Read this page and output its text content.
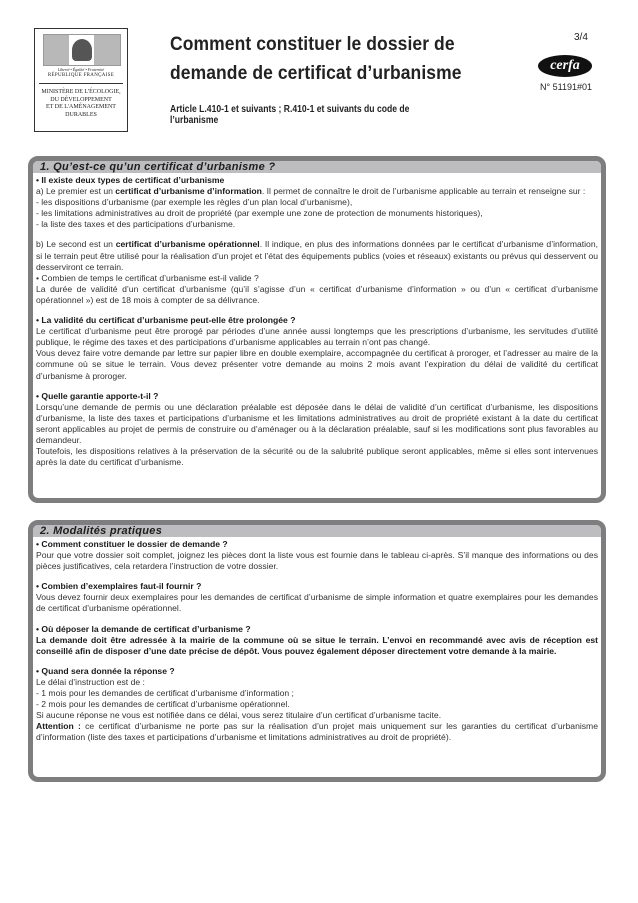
Liberté • Égalité • Fraternité
RÉPUBLIQUE FRANÇAISE
MINISTÈRE DE L'ÉCOLOGIE,
DU DÉVELOPPEMENT
ET DE L'AMÉNAGEMENT
DURABLES
Comment constituer le dossier de
demande de certificat d’urbanisme
Article L.410-1 et suivants ; R.410-1 et suivants du code de l’urbanisme
3/4
cerfa
N° 51191#01
1. Qu’est-ce qu’un certificat d’urbanisme ?

• Il existe deux types de certificat d’urbanisme

a) Le premier est un certificat d’urbanisme d’information. Il permet de connaître le droit de l’urbanisme applicable au terrain et renseigne sur :

- les dispositions d’urbanisme (par exemple les règles d’un plan local d’urbanisme),

- les limitations administratives au droit de propriété (par exemple une zone de protection de monuments historiques),

- la liste des taxes et des participations d’urbanisme.

b) Le second est un certificat d’urbanisme opérationnel. Il indique, en plus des informations données par le certificat d’urbanisme d’information, si le terrain peut être utilisé pour la réalisation d’un projet et l’état des équipements publics (voies et réseaux) existants ou prévus qui desservent ou desserviront ce terrain.

• Combien de temps le certificat d’urbanisme est-il valide ?

La durée de validité d’un certificat d’urbanisme (qu’il s’agisse d’un « certificat d’urbanisme d’information » ou d’un « certificat d’urbanisme opérationnel ») est de 18 mois à compter de sa délivrance.

• La validité du certificat d’urbanisme peut-elle être prolongée ?

Le certificat d’urbanisme peut être prorogé par périodes d’une année aussi longtemps que les prescriptions d’urbanisme, les servitudes d’utilité publique, le régime des taxes et des participations d’urbanisme applicables au terrain n’ont pas changé.

Vous devez faire votre demande par lettre sur papier libre en double exemplaire, accompagnée du certificat à proroger, et l’adresser au maire de la commune où se situe le terrain. Vous devez présenter votre demande au moins 2 mois avant l’expiration du délai de validité du certificat d’urbanisme à proroger.

• Quelle garantie apporte-t-il ?

Lorsqu’une demande de permis ou une déclaration préalable est déposée dans le délai de validité d’un certificat d’urbanisme, les dispositions d’urbanisme, la liste des taxes et participations d’urbanisme et les limitations administratives au droit de propriété existant à la date du certificat seront applicables au projet de permis de construire ou d’aménager ou à la déclaration préalable, sauf si les modifications sont plus favorables au demandeur.

Toutefois, les dispositions relatives à la préservation de la sécurité ou de la salubrité publique seront applicables, même si elles sont intervenues après la date du certificat d’urbanisme.

2. Modalités pratiques

• Comment constituer le dossier de demande ?

Pour que votre dossier soit complet, joignez les pièces dont la liste vous est fournie dans le tableau ci-après. S’il manque des informations ou des pièces justificatives, cela retardera l’instruction de votre dossier.

• Combien d’exemplaires faut-il fournir ?

Vous devez fournir deux exemplaires pour les demandes de certificat d’urbanisme de simple information et quatre exemplaires pour les demandes de certificat d’urbanisme opérationnel.

• Où déposer la demande de certificat d’urbanisme ?

La demande doit être adressée à la mairie de la commune où se situe le terrain. L’envoi en recommandé avec avis de réception est conseillé afin de disposer d’une date précise de dépôt. Vous pouvez également déposer directement votre demande à la mairie.

• Quand sera donnée la réponse ?

Le délai d’instruction est de :

- 1 mois pour les demandes de certificat d’urbanisme d’information ;

- 2 mois pour les demandes de certificat d’urbanisme opérationnel.

Si aucune réponse ne vous est notifiée dans ce délai, vous serez titulaire d’un certificat d’urbanisme tacite.

Attention : ce certificat d’urbanisme ne porte pas sur la réalisation d’un projet mais uniquement sur les garanties du certificat d’urbanisme d’information (liste des taxes et participations d’urbanisme et limitations administratives au droit de propriété).
